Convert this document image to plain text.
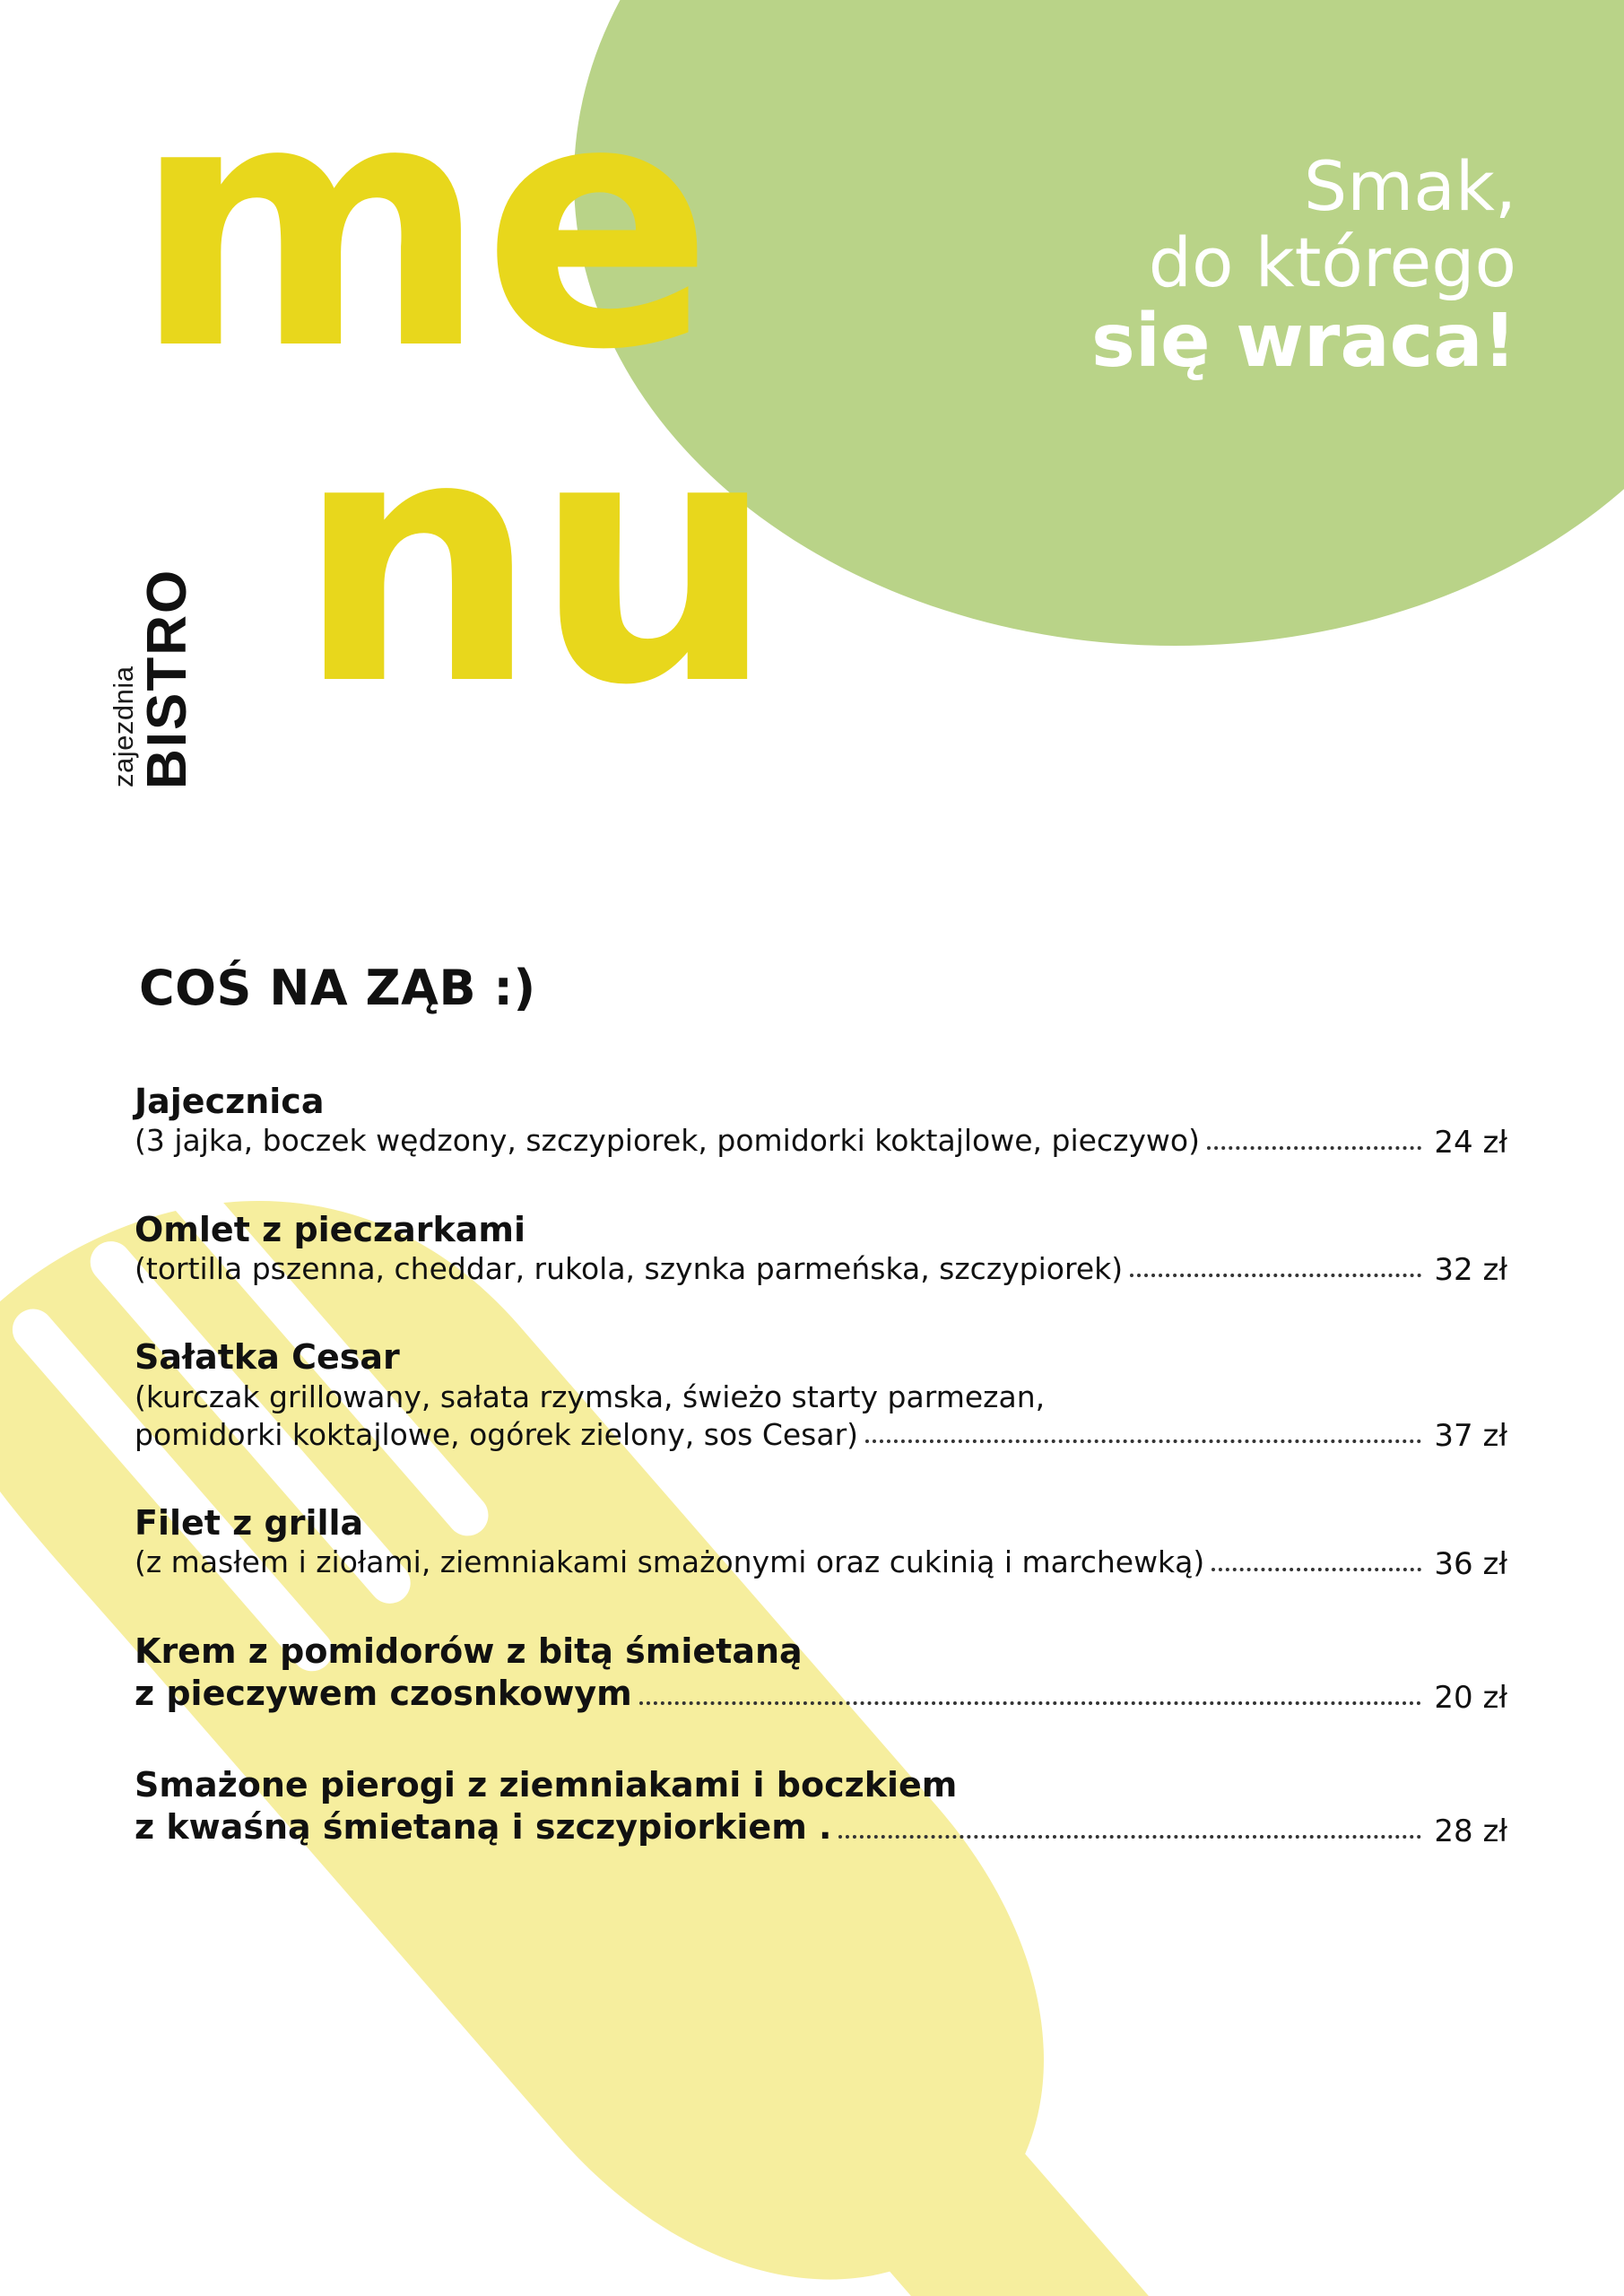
me
nu
zajezdnia
BISTRO
Smak,
do którego
się wraca!
COŚ NA ZĄB :)
Jajecznica
(3 jajka, boczek wędzony, szczypiorek, pomidorki koktajlowe, pieczywo)	24 zł
Omlet z pieczarkami
(tortilla pszenna, cheddar, rukola, szynka parmeńska, szczypiorek)	32 zł
Sałatka Cesar
(kurczak grillowany, sałata rzymska, świeżo starty parmezan,
pomidorki koktajlowe, ogórek zielony, sos Cesar)	37 zł
Filet z grilla
(z masłem i ziołami, ziemniakami smażonymi oraz cukinią i marchewką)	36 zł
Krem z pomidorów z bitą śmietaną
z pieczywem czosnkowym	20 zł
Smażone pierogi z ziemniakami i boczkiem
z kwaśną śmietaną i szczypiorkiem .	28 zł
